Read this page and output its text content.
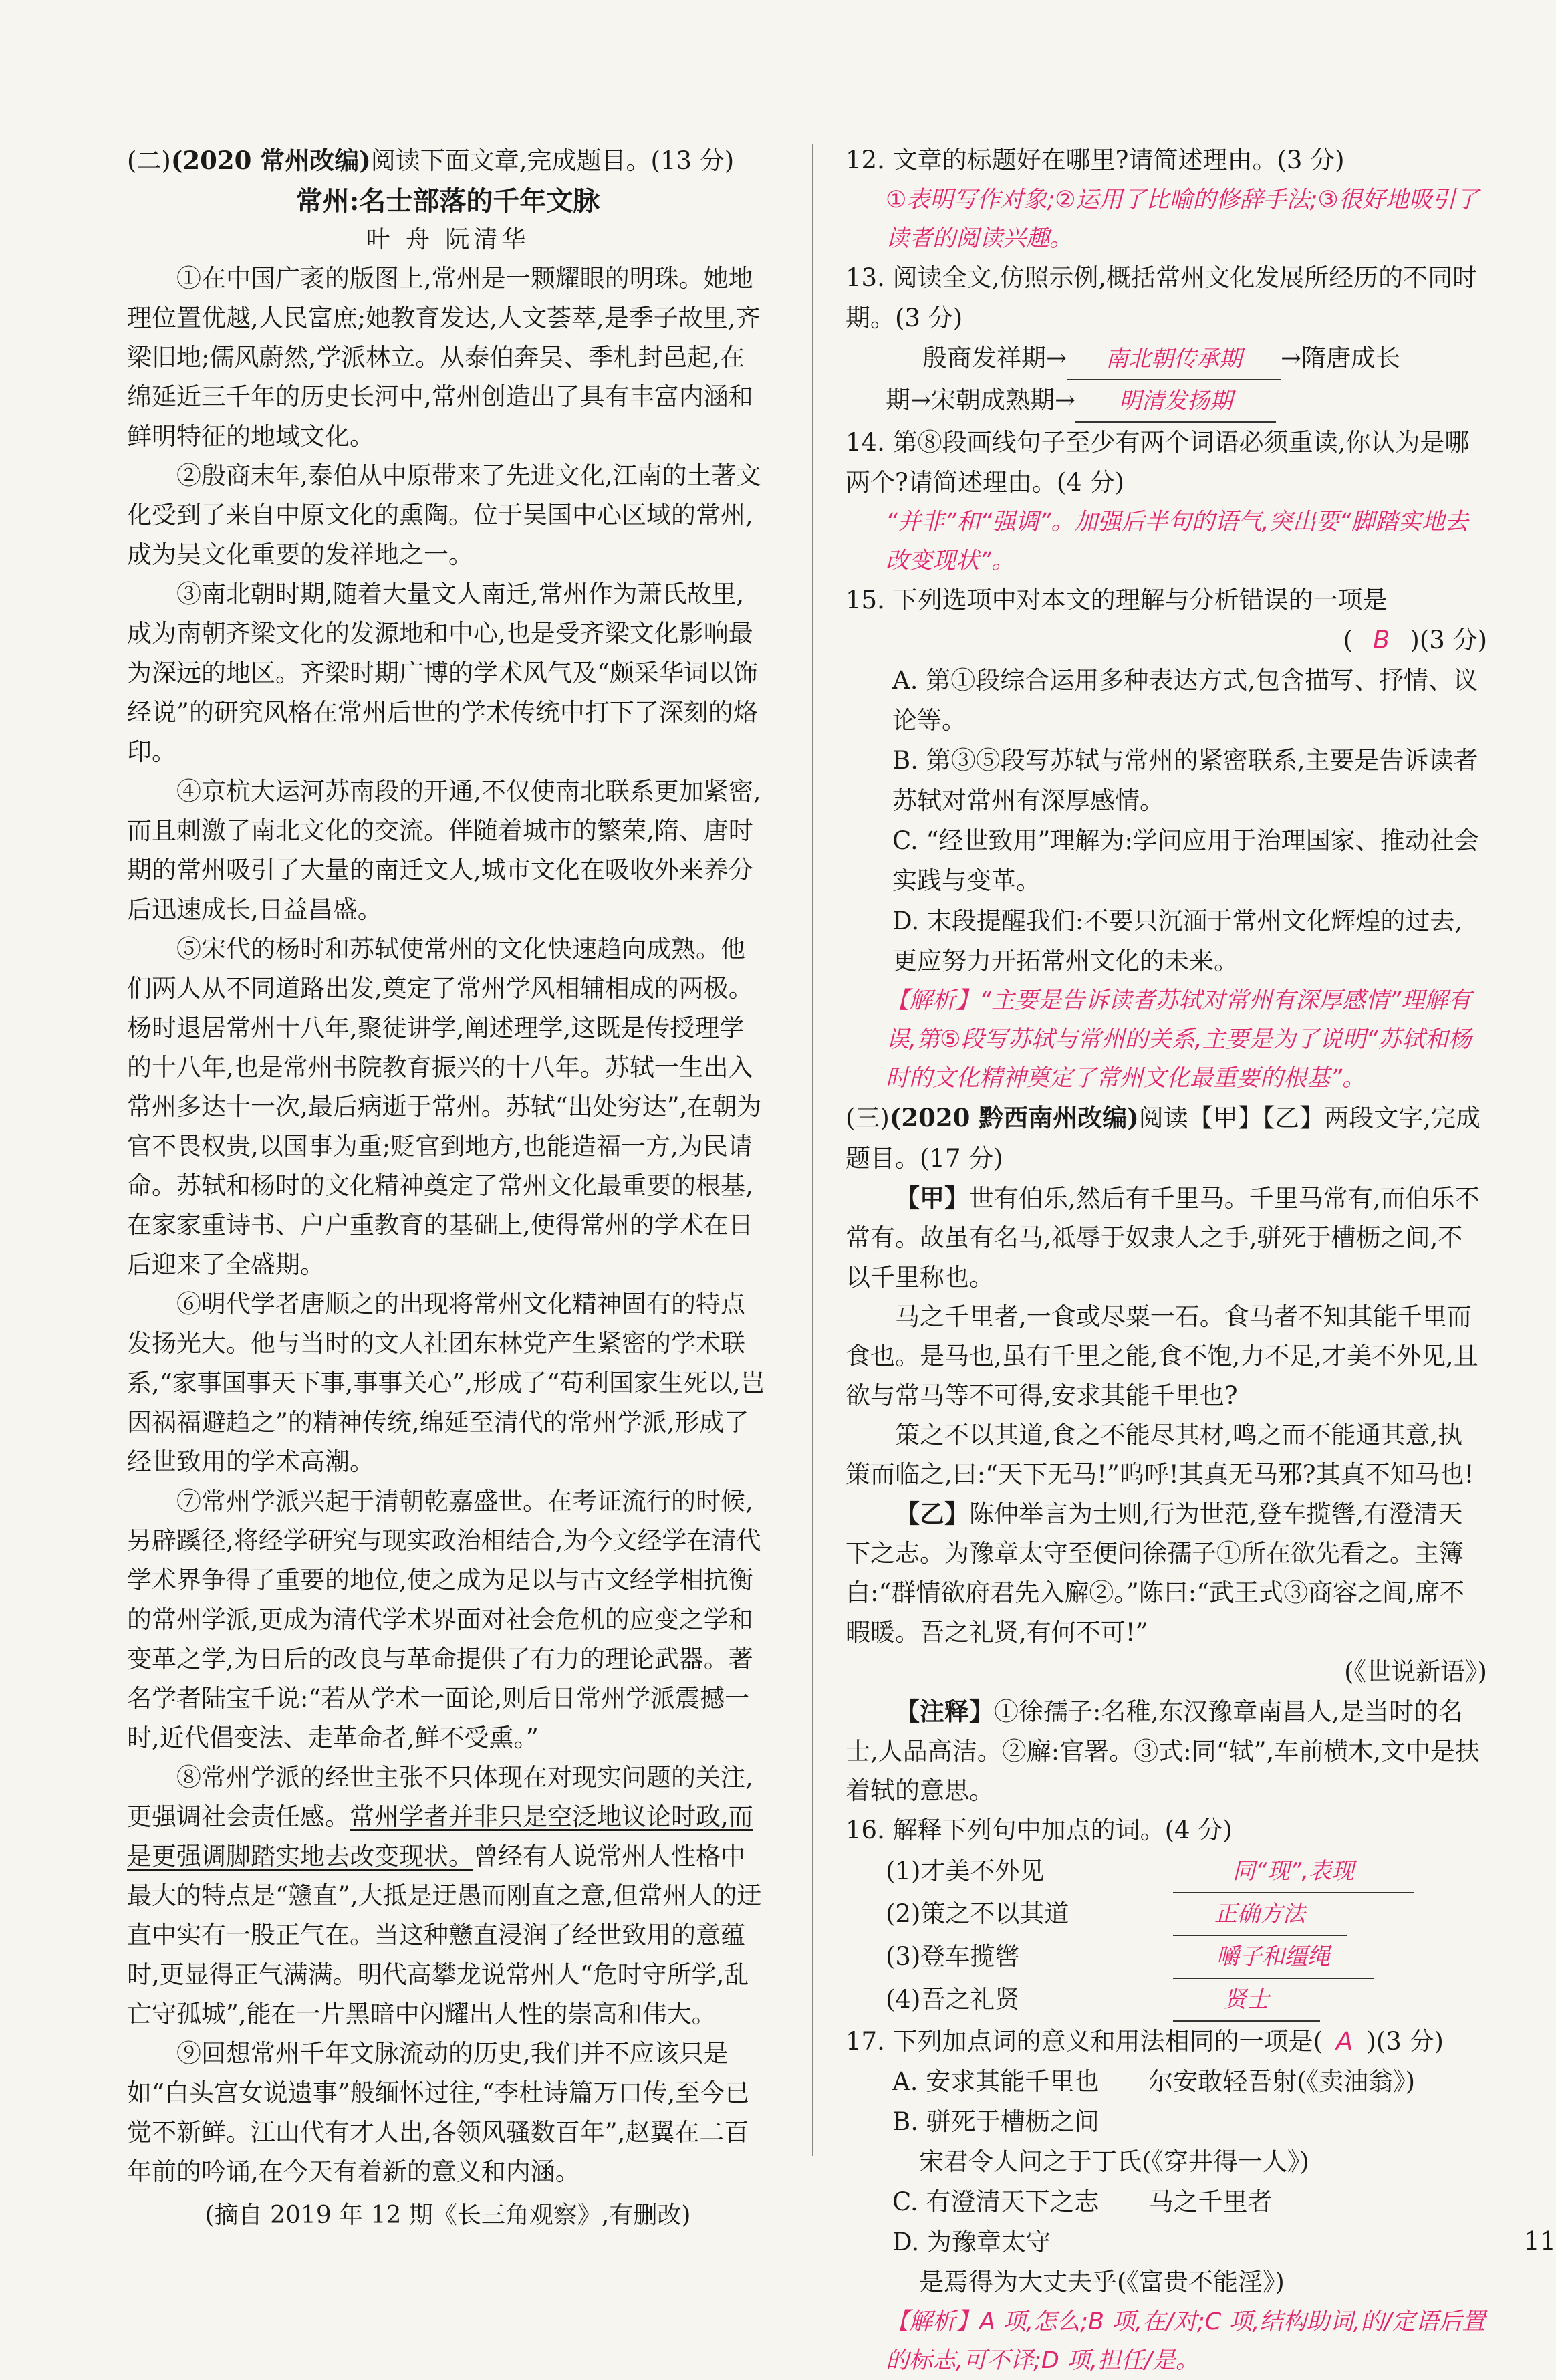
(二)(2020 常州改编)阅读下面文章,完成题目。(13 分)

常州:名士部落的千年文脉

叶 舟 阮清华

①在中国广袤的版图上,常州是一颗耀眼的明珠。她地理位置优越,人民富庶;她教育发达,人文荟萃,是季子故里,齐梁旧地;儒风蔚然,学派林立。从泰伯奔吴、季札封邑起,在绵延近三千年的历史长河中,常州创造出了具有丰富内涵和鲜明特征的地域文化。

②殷商末年,泰伯从中原带来了先进文化,江南的土著文化受到了来自中原文化的熏陶。位于吴国中心区域的常州,成为吴文化重要的发祥地之一。

③南北朝时期,随着大量文人南迁,常州作为萧氏故里,成为南朝齐梁文化的发源地和中心,也是受齐梁文化影响最为深远的地区。齐梁时期广博的学术风气及“颇采华词以饰经说”的研究风格在常州后世的学术传统中打下了深刻的烙印。

④京杭大运河苏南段的开通,不仅使南北联系更加紧密,而且刺激了南北文化的交流。伴随着城市的繁荣,隋、唐时期的常州吸引了大量的南迁文人,城市文化在吸收外来养分后迅速成长,日益昌盛。

⑤宋代的杨时和苏轼使常州的文化快速趋向成熟。他们两人从不同道路出发,奠定了常州学风相辅相成的两极。杨时退居常州十八年,聚徒讲学,阐述理学,这既是传授理学的十八年,也是常州书院教育振兴的十八年。苏轼一生出入常州多达十一次,最后病逝于常州。苏轼“出处穷达”,在朝为官不畏权贵,以国事为重;贬官到地方,也能造福一方,为民请命。苏轼和杨时的文化精神奠定了常州文化最重要的根基,在家家重诗书、户户重教育的基础上,使得常州的学术在日后迎来了全盛期。

⑥明代学者唐顺之的出现将常州文化精神固有的特点发扬光大。他与当时的文人社团东林党产生紧密的学术联系,“家事国事天下事,事事关心”,形成了“苟利国家生死以,岂因祸福避趋之”的精神传统,绵延至清代的常州学派,形成了经世致用的学术高潮。

⑦常州学派兴起于清朝乾嘉盛世。在考证流行的时候,另辟蹊径,将经学研究与现实政治相结合,为今文经学在清代学术界争得了重要的地位,使之成为足以与古文经学相抗衡的常州学派,更成为清代学术界面对社会危机的应变之学和变革之学,为日后的改良与革命提供了有力的理论武器。著名学者陆宝千说:“若从学术一面论,则后日常州学派震撼一时,近代倡变法、走革命者,鲜不受熏。”

⑧常州学派的经世主张不只体现在对现实问题的关注,更强调社会责任感。常州学者并非只是空泛地议论时政,而是更强调脚踏实地去改变现状。曾经有人说常州人性格中最大的特点是“戆直”,大抵是迂愚而刚直之意,但常州人的迂直中实有一股正气在。当这种戆直浸润了经世致用的意蕴时,更显得正气满满。明代高攀龙说常州人“危时守所学,乱亡守孤城”,能在一片黑暗中闪耀出人性的崇高和伟大。

⑨回想常州千年文脉流动的历史,我们并不应该只是如“白头宫女说遗事”般缅怀过往,“李杜诗篇万口传,至今已觉不新鲜。江山代有才人出,各领风骚数百年”,赵翼在二百年前的吟诵,在今天有着新的意义和内涵。

(摘自 2019 年 12 期《长三角观察》,有删改)

12. 文章的标题好在哪里?请简述理由。(3 分)

①表明写作对象;②运用了比喻的修辞手法;③很好地吸引了读者的阅读兴趣。

13. 阅读全文,仿照示例,概括常州文化发展所经历的不同时期。(3 分)

殷商发祥期→ 南北朝传承期 →隋唐成长

期→宋朝成熟期→ 明清发扬期

14. 第⑧段画线句子至少有两个词语必须重读,你认为是哪两个?请简述理由。(4 分)

“并非”和“强调”。加强后半句的语气,突出要“脚踏实地去改变现状”。

15. 下列选项中对本文的理解与分析错误的一项是

( B )(3 分)

A. 第①段综合运用多种表达方式,包含描写、抒情、议论等。

B. 第③⑤段写苏轼与常州的紧密联系,主要是告诉读者苏轼对常州有深厚感情。

C. “经世致用”理解为:学问应用于治理国家、推动社会实践与变革。

D. 末段提醒我们:不要只沉湎于常州文化辉煌的过去,更应努力开拓常州文化的未来。

【解析】“主要是告诉读者苏轼对常州有深厚感情”理解有误,第⑤段写苏轼与常州的关系,主要是为了说明“苏轼和杨时的文化精神奠定了常州文化最重要的根基”。

(三)(2020 黔西南州改编)阅读【甲】【乙】两段文字,完成题目。(17 分)

【甲】世有伯乐,然后有千里马。千里马常有,而伯乐不常有。故虽有名马,祗辱于奴隶人之手,骈死于槽枥之间,不以千里称也。

马之千里者,一食或尽粟一石。食马者不知其能千里而食也。是马也,虽有千里之能,食不饱,力不足,才美不外见,且欲与常马等不可得,安求其能千里也?

策之不以其道,食之不能尽其材,鸣之而不能通其意,执策而临之,曰:“天下无马!”呜呼!其真无马邪?其真不知马也!

【乙】陈仲举言为士则,行为世范,登车揽辔,有澄清天下之志。为豫章太守至便问徐孺子①所在欲先看之。主簿白:“群情欲府君先入廨②。”陈曰:“武王式③商容之闾,席不暇暖。吾之礼贤,有何不可!”

(《世说新语》)

【注释】①徐孺子:名稚,东汉豫章南昌人,是当时的名士,人品高洁。②廨:官署。③式:同“轼”,车前横木,文中是扶着轼的意思。

16. 解释下列句中加点的词。(4 分)

(1)才美不外见	同“现”,表现
(2)策之不以其道	正确方法
(3)登车揽辔	嚼子和缰绳
(4)吾之礼贤	贤士

17. 下列加点词的意义和用法相同的一项是( A )(3 分)

A. 安求其能千里也　　 尔安敢轻吾射(《卖油翁》)

B. 骈死于槽枥之间

宋君令人问之于丁氏(《穿井得一人》)

C. 有澄清天下之志　　 马之千里者

D. 为豫章太守

是焉得为大丈夫乎(《富贵不能淫》)

【解析】A 项,怎么;B 项,在/对;C 项,结构助词,的/定语后置的标志,可不译;D 项,担任/是。

11
